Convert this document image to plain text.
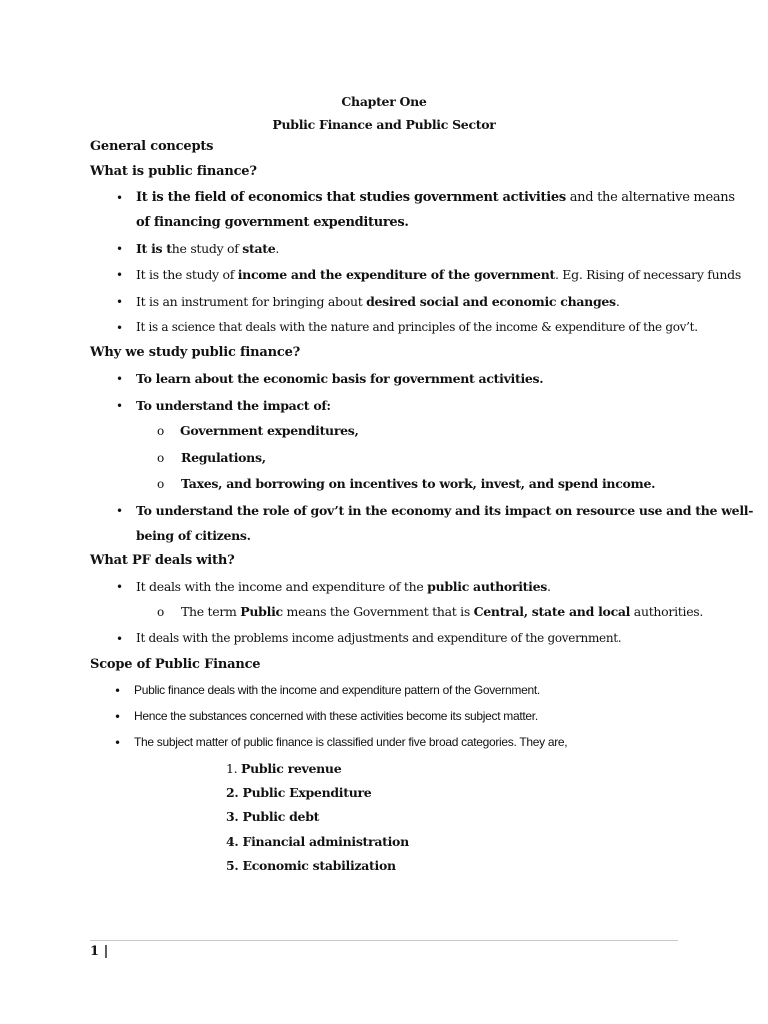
Chapter One
Public Finance and Public Sector
General concepts
What is public finance?
•
It is the field of economics that studies government activities and the alternative means
of financing government expenditures.
•
It is the study of state.
•
It is the study of income and the expenditure of the government. Eg. Rising of necessary funds
•
It is an instrument for bringing about desired social and economic changes.
•
It is a science that deals with the nature and principles of the income & expenditure of the gov’t.
Why we study public finance?
•
To learn about the economic basis for government activities.
•
To understand the impact of:
o
Government expenditures,
o
Regulations,
o
Taxes, and borrowing on incentives to work, invest, and spend income.
•
To understand the role of gov’t in the economy and its impact on resource use and the well-
being of citizens.
What PF deals with?
•
It deals with the income and expenditure of the public authorities.
o
The term Public means the Government that is Central, state and local authorities.
•
It deals with the problems income adjustments and expenditure of the government.
Scope of Public Finance
•
Public finance deals with the income and expenditure pattern of the Government.
•
Hence the substances concerned with these activities become its subject matter.
•
The subject matter of public finance is classified under five broad categories. They are,
1. Public revenue
2. Public Expenditure
3. Public debt
4. Financial administration
5. Economic stabilization
1 |
